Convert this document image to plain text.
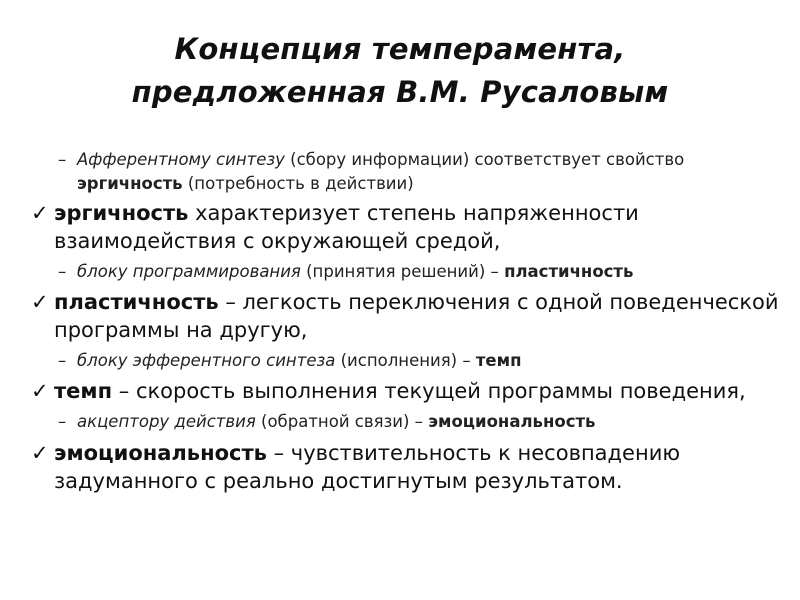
Концепция темперамента,
предложенная В.М. Русаловым
– Афферентному синтезу (сбору информации) соответствует свойство эргичность (потребность в действии)
✓ эргичность характеризует степень напряженности взаимодействия с окружающей средой,
– блоку программирования (принятия решений) – пластичность
✓ пластичность – легкость переключения с одной поведенческой программы на другую,
– блоку эфферентного синтеза (исполнения) – темп
✓ темп – скорость выполнения текущей программы поведения,
– акцептору действия (обратной связи) – эмоциональность
✓ эмоциональность – чувствительность к несовпадению задуманного с реально достигнутым результатом.
